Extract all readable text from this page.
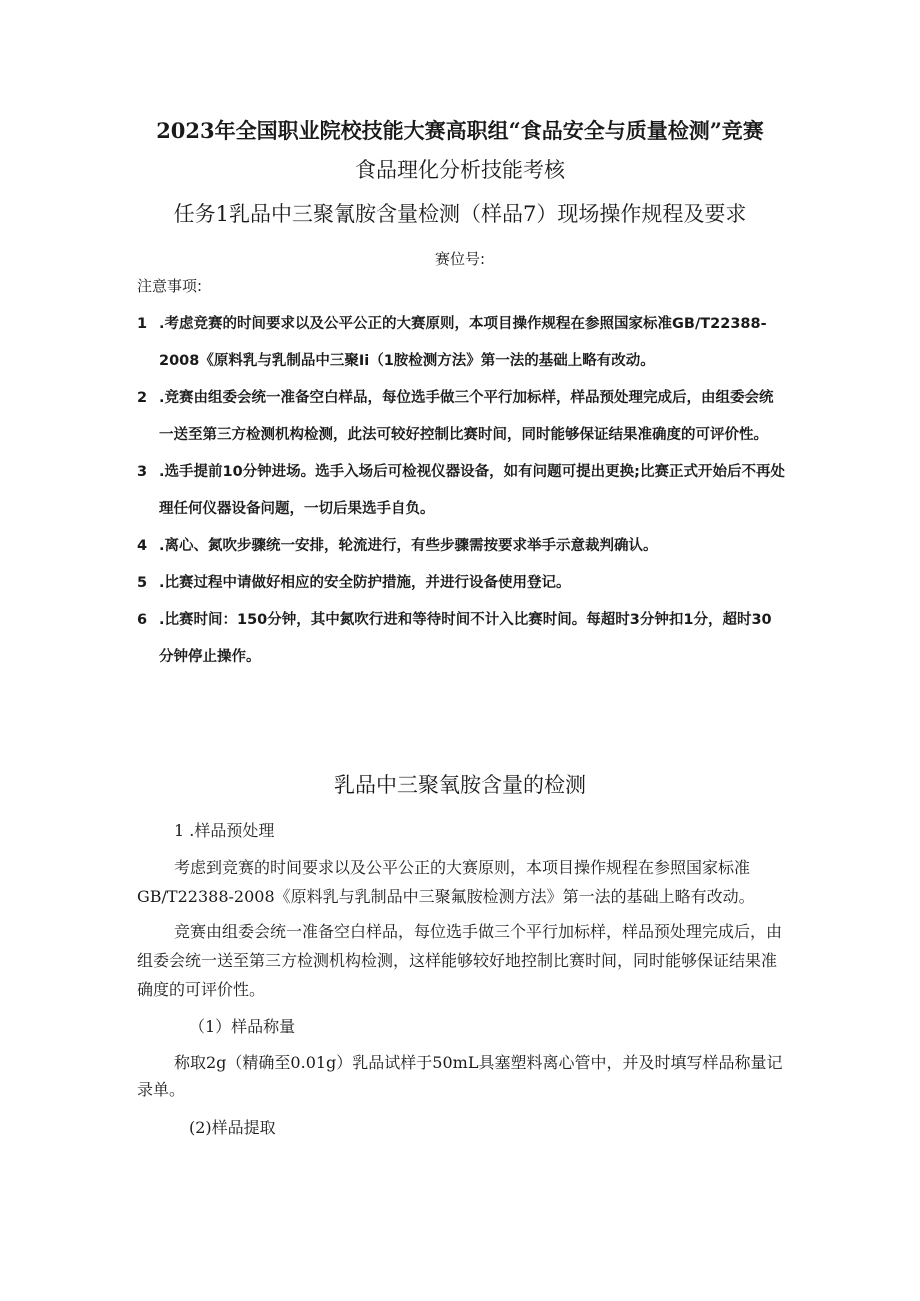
2023年全国职业院校技能大赛高职组“食品安全与质量检测”竞赛
食品理化分析技能考核
任务1乳品中三聚氰胺含量检测（样品7）现场操作规程及要求
赛位号:
注意事项:
1 .考虑竞赛的时间要求以及公平公正的大赛原则，本项目操作规程在参照国家标准GB/T22388-2008《原料乳与乳制品中三聚Ii（1胺检测方法》第一法的基础上略有改动。
2 .竞赛由组委会统一准备空白样品，每位选手做三个平行加标样，样品预处理完成后，由组委会统一送至第三方检测机构检测，此法可较好控制比赛时间，同时能够保证结果准确度的可评价性。
3 .选手提前10分钟进场。选手入场后可检视仪器设备，如有问题可提出更换;比赛正式开始后不再处理任何仪器设备问题，一切后果选手自负。
4 .离心、氮吹步骤统一安排，轮流进行，有些步骤需按要求举手示意裁判确认。
5 .比赛过程中请做好相应的安全防护措施，并进行设备使用登记。
6 .比赛时间：150分钟，其中氮吹行进和等待时间不计入比赛时间。每超时3分钟扣1分，超时30分钟停止操作。
乳品中三聚氧胺含量的检测
1 .样品预处理

考虑到竞赛的时间要求以及公平公正的大赛原则，本项目操作规程在参照国家标准GB/T22388-2008《原料乳与乳制品中三聚氟胺检测方法》第一法的基础上略有改动。

竞赛由组委会统一准备空白样品，每位选手做三个平行加标样，样品预处理完成后，由组委会统一送至第三方检测机构检测，这样能够较好地控制比赛时间，同时能够保证结果准确度的可评价性。

（1）样品称量

称取2g（精确至0.01g）乳品试样于50mL具塞塑料离心管中，并及时填写样品称量记录单。

(2)样品提取
